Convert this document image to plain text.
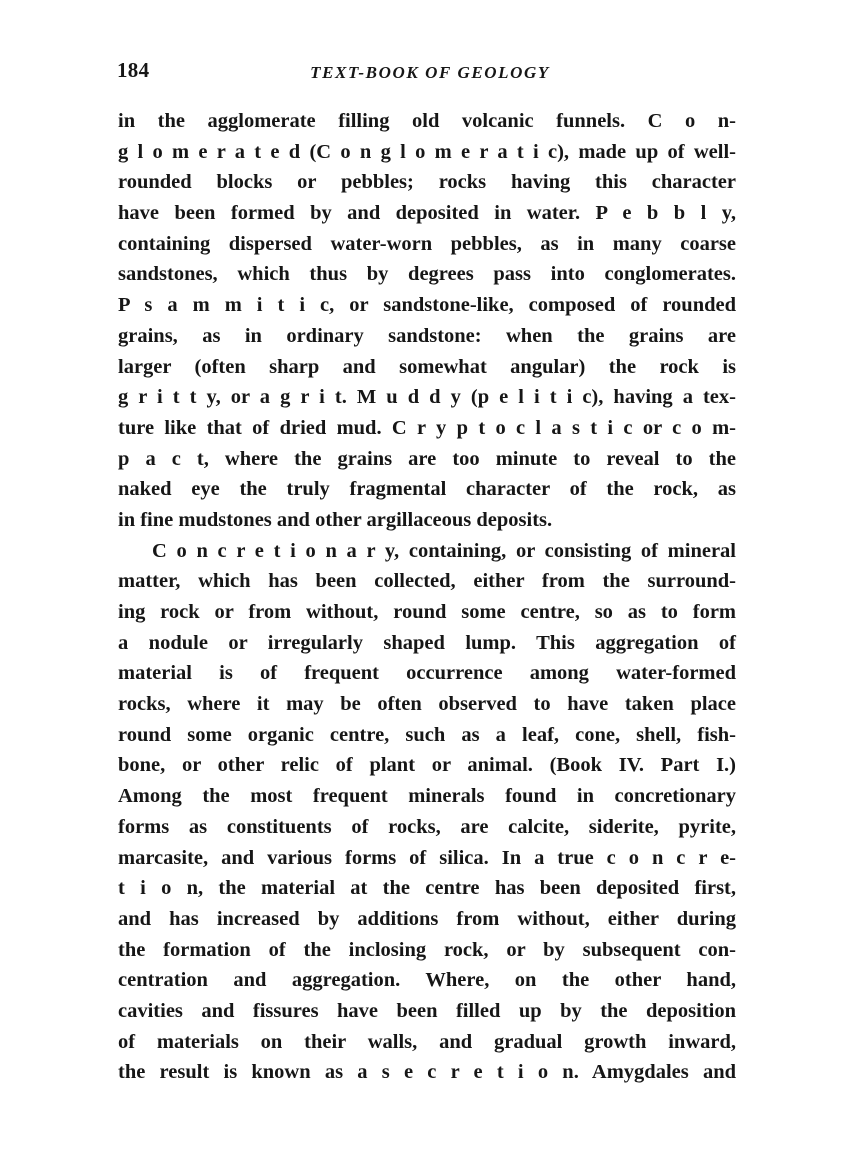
184	TEXT-BOOK OF GEOLOGY
in the agglomerate filling old volcanic funnels. C o n-
g l o m e r a t e d (C o n g l o m e r a t i c), made up of well-
rounded blocks or pebbles; rocks having this character
have been formed by and deposited in water. P e b b l y,
containing dispersed water-worn pebbles, as in many coarse
sandstones, which thus by degrees pass into conglomerates.
P s a m m i t i c, or sandstone-like, composed of rounded
grains, as in ordinary sandstone: when the grains are
larger (often sharp and somewhat angular) the rock is
g r i t t y, or a g r i t. M u d d y (p e l i t i c), having a tex-
ture like that of dried mud. C r y p t o c l a s t i c or c o m-
p a c t, where the grains are too minute to reveal to the
naked eye the truly fragmental character of the rock, as
in fine mudstones and other argillaceous deposits.
C o n c r e t i o n a r y, containing, or consisting of mineral
matter, which has been collected, either from the surround-
ing rock or from without, round some centre, so as to form
a nodule or irregularly shaped lump. This aggregation of
material is of frequent occurrence among water-formed
rocks, where it may be often observed to have taken place
round some organic centre, such as a leaf, cone, shell, fish-
bone, or other relic of plant or animal. (Book IV. Part I.)
Among the most frequent minerals found in concretionary
forms as constituents of rocks, are calcite, siderite, pyrite,
marcasite, and various forms of silica. In a true c o n c r e-
t i o n, the material at the centre has been deposited first,
and has increased by additions from without, either during
the formation of the inclosing rock, or by subsequent con-
centration and aggregation. Where, on the other hand,
cavities and fissures have been filled up by the deposition
of materials on their walls, and gradual growth inward,
the result is known as a s e c r e t i o n. Amygdales and
